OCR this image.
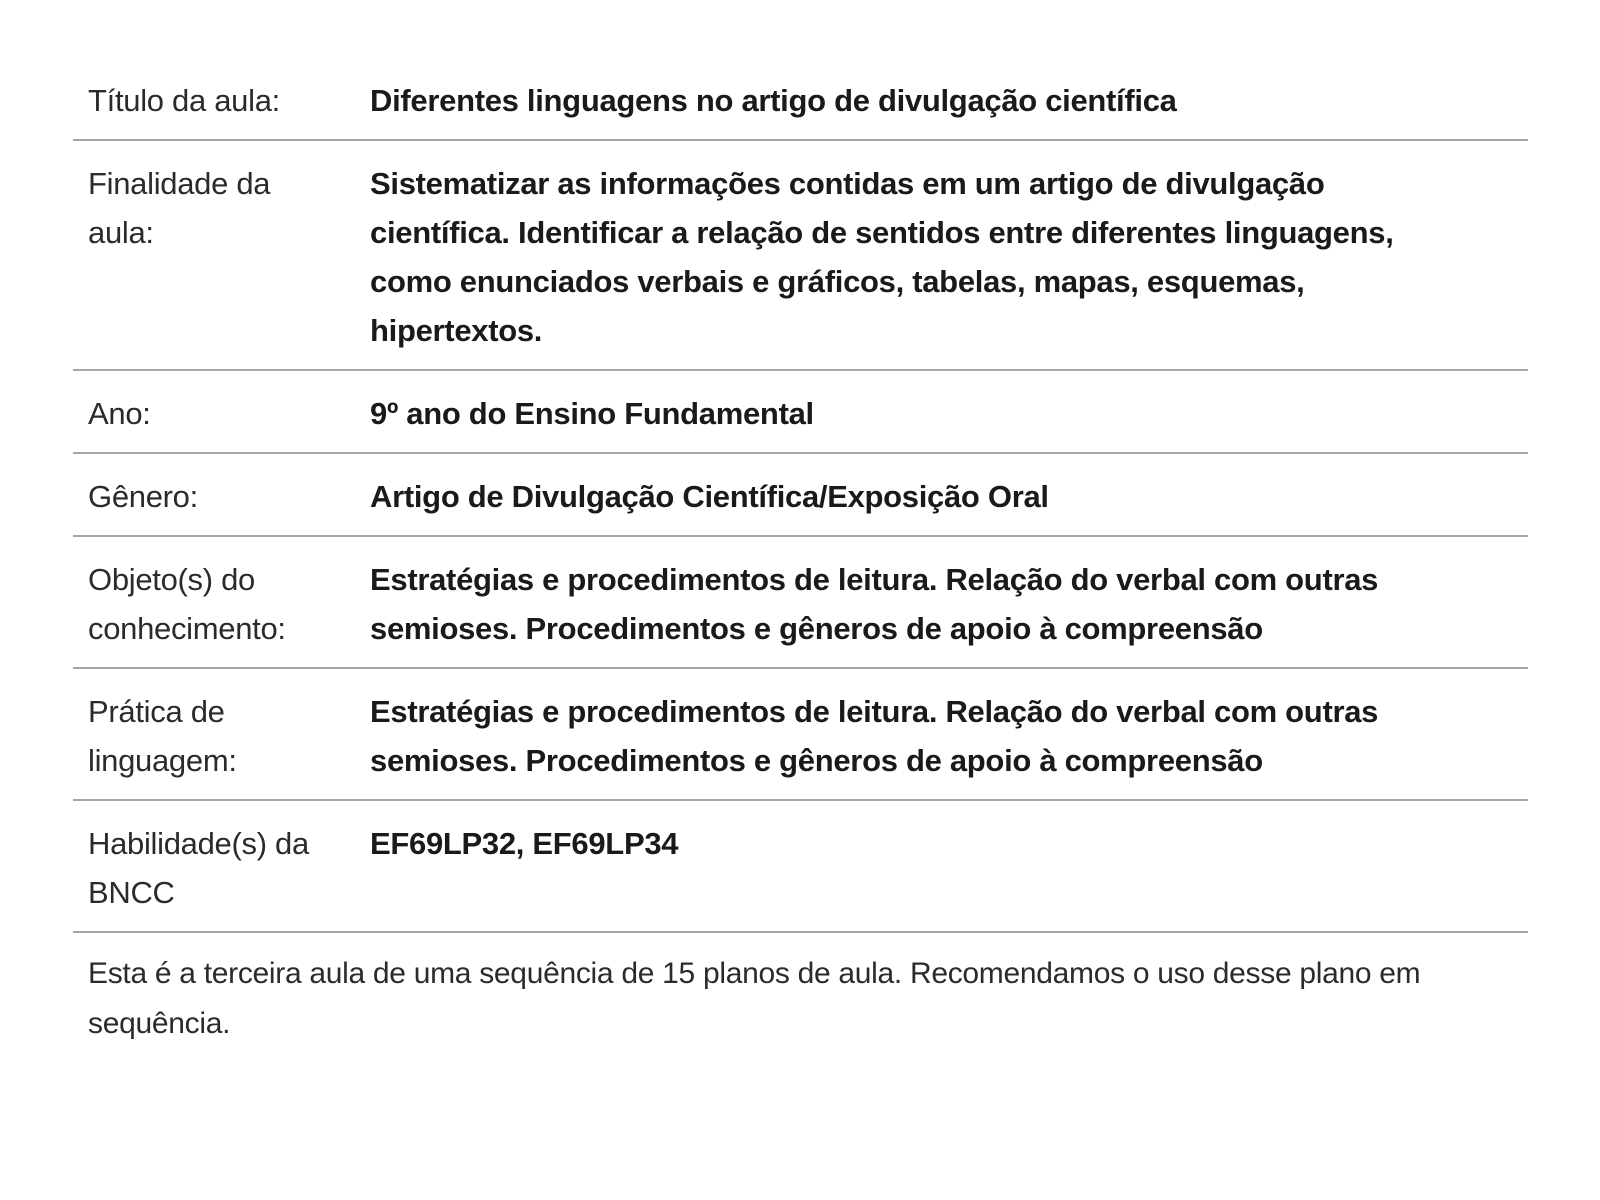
Título da aula:	Diferentes linguagens no artigo de divulgação científica
Finalidade da aula:
Sistematizar as informações contidas em um artigo de divulgação científica. Identificar a relação de sentidos entre diferentes linguagens, como enunciados verbais e gráficos, tabelas, mapas, esquemas, hipertextos.
Ano:	9º ano do Ensino Fundamental
Gênero:	Artigo de Divulgação Científica/Exposição Oral
Objeto(s) do conhecimento:
Estratégias e procedimentos de leitura. Relação do verbal com outras semioses. Procedimentos e gêneros de apoio à compreensão
Prática de linguagem:
Estratégias e procedimentos de leitura. Relação do verbal com outras semioses. Procedimentos e gêneros de apoio à compreensão
Habilidade(s) da BNCC
EF69LP32, EF69LP34

Esta é a terceira aula de uma sequência de 15 planos de aula. Recomendamos o uso desse plano em sequência.
